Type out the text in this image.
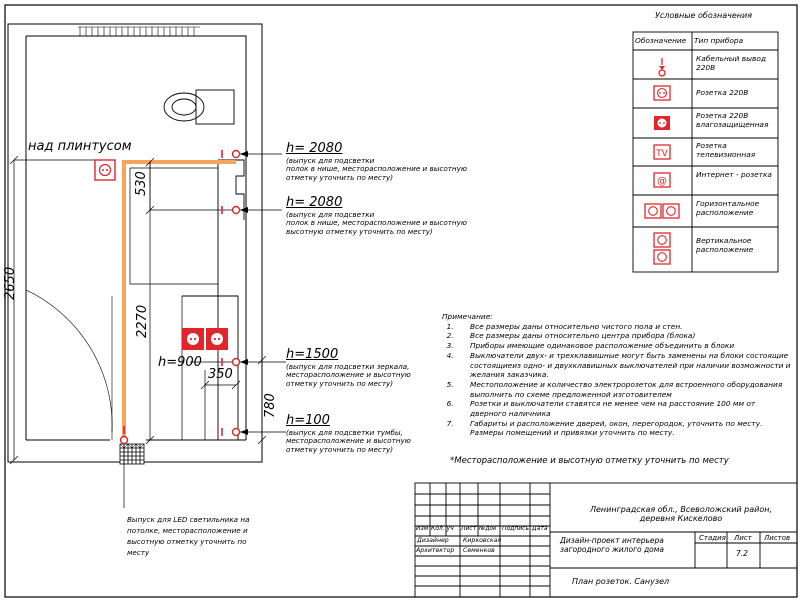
TV
@
над плинтусом
2650
2270
530
h=900
350
780
h= 2080
(выпуск для подсветки
полок в нише, месторасположение и высотную
отметку уточнить по месту)
h= 2080
(выпуск для подсветки
полок в нише, месторасположение и высотную
высотную отметку уточнить по месту)
h=1500
(выпуск для подсветки зеркала,
месторасположение и высотную
отметку уточнить по месту)
h=100
(выпуск для подсветки тумбы,
месторасположение и высотную
отметку уточнить по месту)
Выпуск для LED светильника на
потолке, месторасположение и
высотную отметку уточнить по
месту
Условные обозначения
Обозначение Тип прибора
Кабельный вывод 220В
Розетка 220В
Розетка 220В влагозащищенная
Розетка телевизионная
Интернет - розетка
Горизонтальное расположение
Вертикальное расположение
Примечание:
1. Все размеры даны относительно чистого пола и стен.
2. Все размеры даны относительно центра прибора (блока)
3. Приборы имеющие одинаковое расположение объединить в блоки
4. Выключатели двух- и трехклавишные могут быть заменены на блоки состоящие состоящиеиз одно- и двухклавишных выключателей при наличии возможности и желания заказчика.
5. Местоположение и количество электророзеток для встроенного оборудования выполнить по схеме предложенной изготовителем
6. Розетки и выключатели ставятся не менее чем на расстояние 100 мм от дверного наличника
7. Габариты и расположение дверей, окон, перегородок, уточнить по месту. Размеры помещений и привязки уточнить по месту.
*Месторасположение и высотную отметку уточнить по месту
Изм Кол. уч Лист №док Подпись Дата
Дизайнер Кирковская
Архитектор Семенков
Ленинградская обл., Всеволожский район, деревня Кискелово
Дизайн-проект интерьера загородного жилого дома
План розеток. Санузел
Стадия Лист Листов
7.2
